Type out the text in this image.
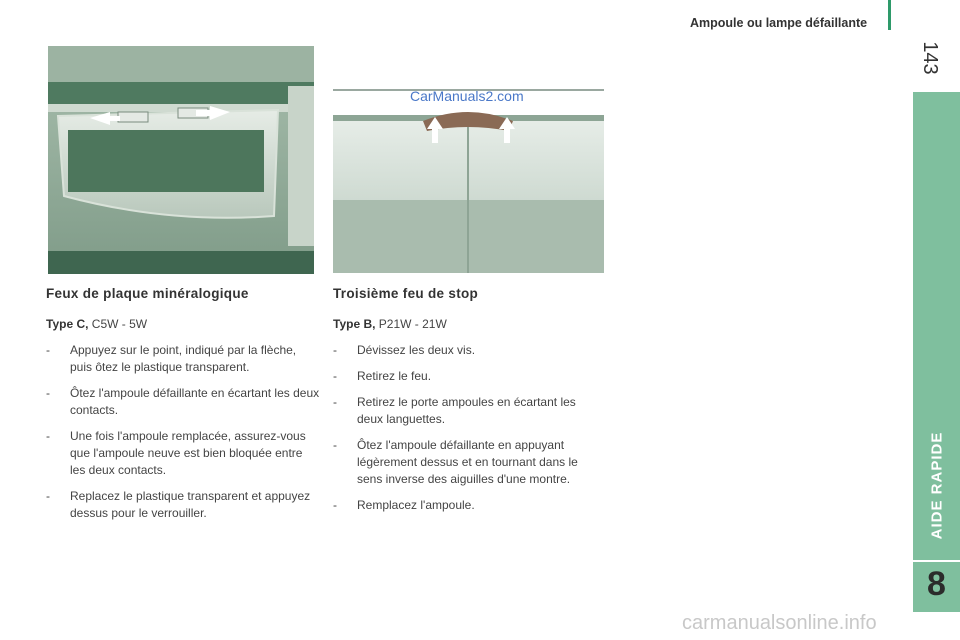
Ampoule ou lampe défaillante
143
AIDE RAPIDE
8
CarManuals2.com
Feux de plaque minéralogique	Troisième feu de stop

Type C, C5W - 5W

- Appuyez sur le point, indiqué par la flèche, puis ôtez le plastique transparent.
- Ôtez l'ampoule défaillante en écartant les deux contacts.
- Une fois l'ampoule remplacée, assurez-vous que l'ampoule neuve est bien bloquée entre les deux contacts.
- Replacez le plastique transparent et appuyez dessus pour le verrouiller.

Type B, P21W - 21W

- Dévissez les deux vis.
- Retirez le feu.
- Retirez le porte ampoules en écartant les deux languettes.
- Ôtez l'ampoule défaillante en appuyant légèrement dessus et en tournant dans le sens inverse des aiguilles d'une montre.
- Remplacez l'ampoule.
carmanualsonline.info
